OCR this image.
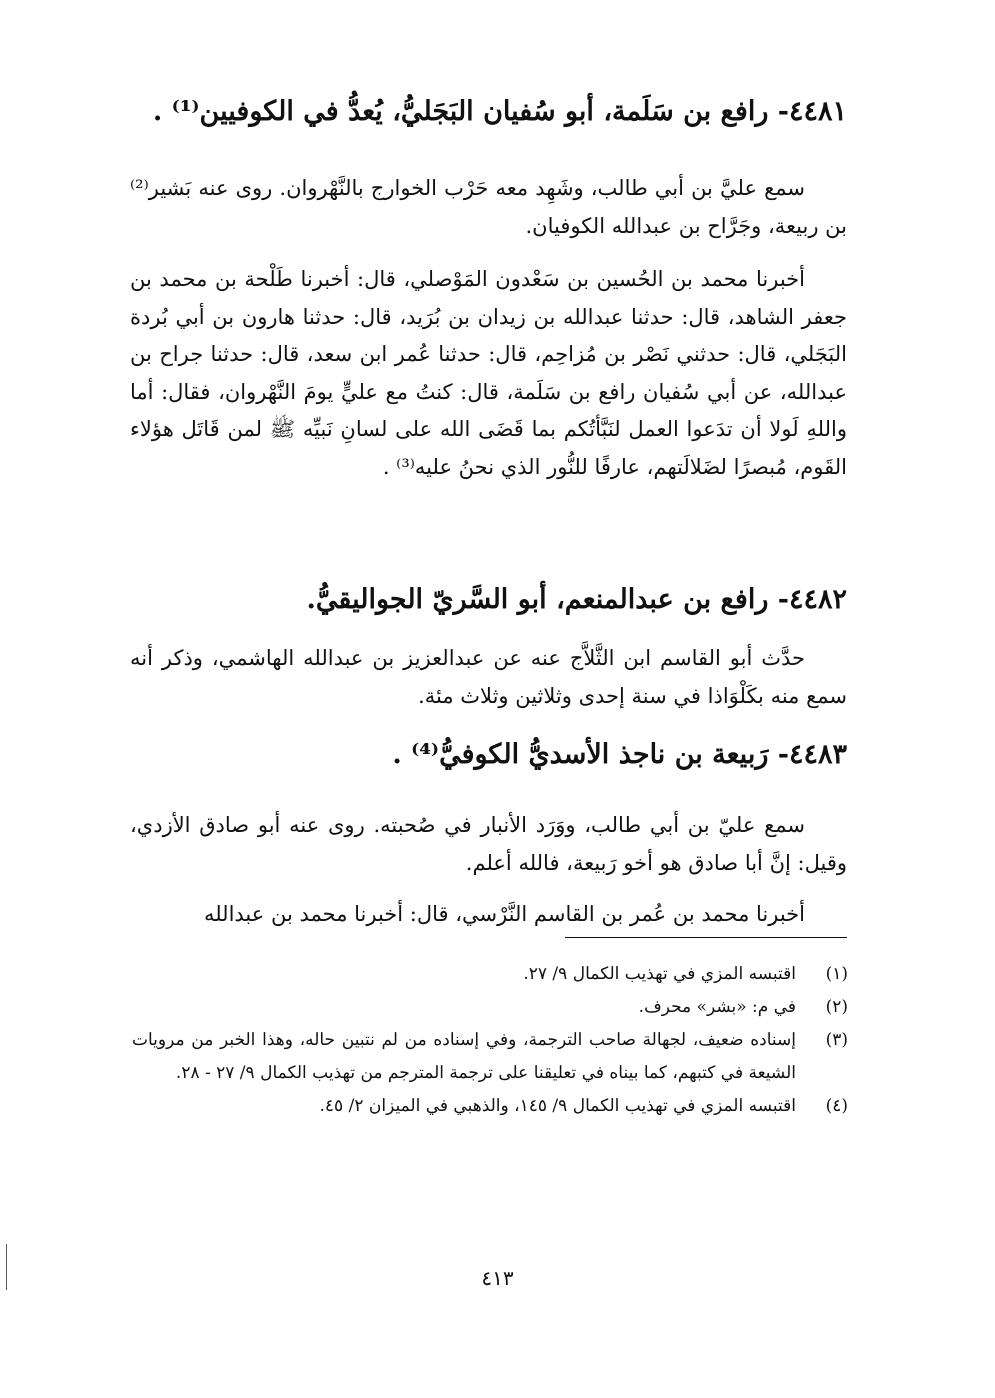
٤٤٨١- رافع بن سَلَمة، أبو سُفيان البَجَليُّ، يُعدُّ في الكوفيين⁽¹⁾ .
سمع عليَّ بن أبي طالب، وشَهِد معه حَرْب الخوارج بالنَّهْروان. روى عنه بَشير⁽²⁾ بن ربيعة، وجَرَّاح بن عبدالله الكوفيان.
أخبرنا محمد بن الحُسين بن سَعْدون المَوْصلي، قال: أخبرنا طَلْحة بن محمد بن جعفر الشاهد، قال: حدثنا عبدالله بن زيدان بن بُرَيد، قال: حدثنا هارون بن أبي بُردة البَجَلي، قال: حدثني نَصْر بن مُزاحِم، قال: حدثنا عُمر ابن سعد، قال: حدثنا جراح بن عبدالله، عن أبي سُفيان رافع بن سَلَمة، قال: كنتُ مع عليٍّ يومَ النَّهْروان، فقال: أما واللهِ لَولا أن تدَعوا العمل لنَبَّأتُكم بما قَضَى الله على لسانِ نَبيِّه ﷺ لمن قَاتَل هؤلاء القَوم، مُبصرًا لضَلالَتهم، عارفًا للنُّور الذي نحنُ عليه⁽³⁾ .
٤٤٨٢- رافع بن عبدالمنعم، أبو السَّريّ الجواليقيُّ.
حدَّث أبو القاسم ابن الثَّلاَّج عنه عن عبدالعزيز بن عبدالله الهاشمي، وذكر أنه سمع منه بكَلْوَاذا في سنة إحدى وثلاثين وثلاث مئة.
٤٤٨٣- رَبيعة بن ناجذ الأسديُّ الكوفيُّ⁽⁴⁾ .
سمع عليّ بن أبي طالب، ووَرَد الأنبار في صُحبته. روى عنه أبو صادق الأزدي، وقيل: إنَّ أبا صادق هو أخو رَبيعة، فالله أعلم.
أخبرنا محمد بن عُمر بن القاسم النَّرْسي، قال: أخبرنا محمد بن عبدالله
(١)
اقتبسه المزي في تهذيب الكمال ٩/ ٢٧.
(٢)
في م: «بشر» محرف.
(٣)
إسناده ضعيف، لجهالة صاحب الترجمة، وفي إسناده من لم نتبين حاله، وهذا الخبر من مرويات الشيعة في كتبهم، كما بيناه في تعليقنا على ترجمة المترجم من تهذيب الكمال ٩/ ٢٧ - ٢٨.
(٤)
اقتبسه المزي في تهذيب الكمال ٩/ ١٤٥، والذهبي في الميزان ٢/ ٤٥.
٤١٣
